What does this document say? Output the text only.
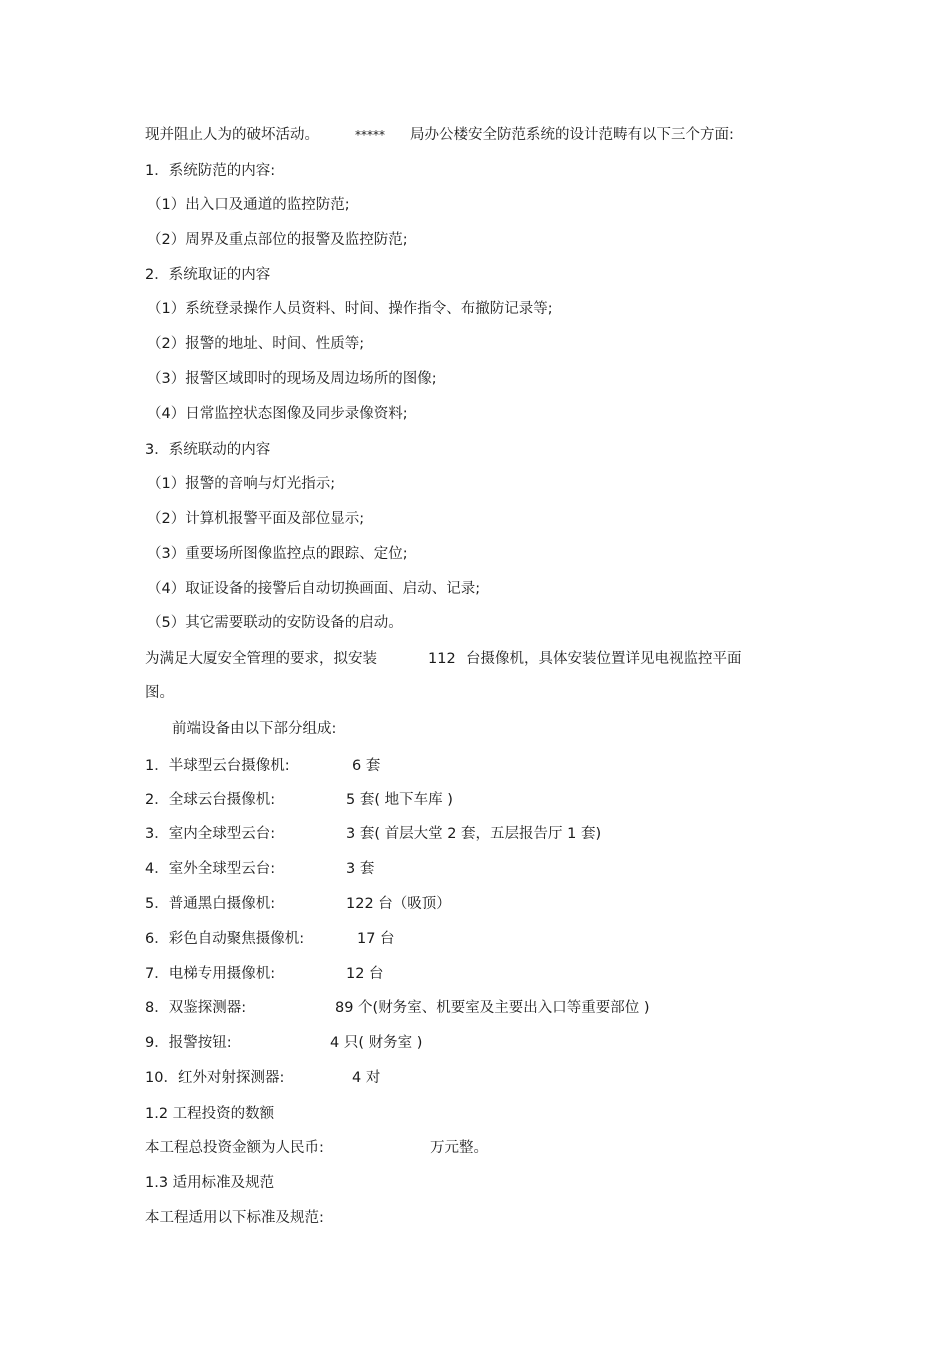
现并阻止人为的破坏活动。	***** 局办公楼安全防范系统的设计范畴有以下三个方面:
1．系统防范的内容:
（1）出入口及通道的监控防范;
（2）周界及重点部位的报警及监控防范;
2．系统取证的内容
（1）系统登录操作人员资料、时间、操作指令、布撤防记录等;
（2）报警的地址、时间、性质等;
（3）报警区域即时的现场及周边场所的图像;
（4）日常监控状态图像及同步录像资料;
3．系统联动的内容
（1）报警的音响与灯光指示;
（2）计算机报警平面及部位显示;
（3）重要场所图像监控点的跟踪、定位;
（4）取证设备的接警后自动切换画面、启动、记录;
（5）其它需要联动的安防设备的启动。
为满足大厦安全管理的要求，拟安装	112 台摄像机，具体安装位置详见电视监控平面
图。
前端设备由以下部分组成:
1．半球型云台摄像机:	6 套
2．全球云台摄像机:	5 套( 地下车库 )
3．室内全球型云台:	3 套( 首层大堂 2 套，五层报告厅 1 套)
4．室外全球型云台:	3 套
5．普通黑白摄像机:	122 台（吸顶）
6．彩色自动聚焦摄像机:	17 台
7．电梯专用摄像机:	12 台
8．双鉴探测器:	89 个(财务室、机要室及主要出入口等重要部位 )
9．报警按钮:	4 只( 财务室 )
10．红外对射探测器:	4 对
1.2 工程投资的数额
本工程总投资金额为人民币:	万元整。
1.3 适用标准及规范
本工程适用以下标准及规范:
